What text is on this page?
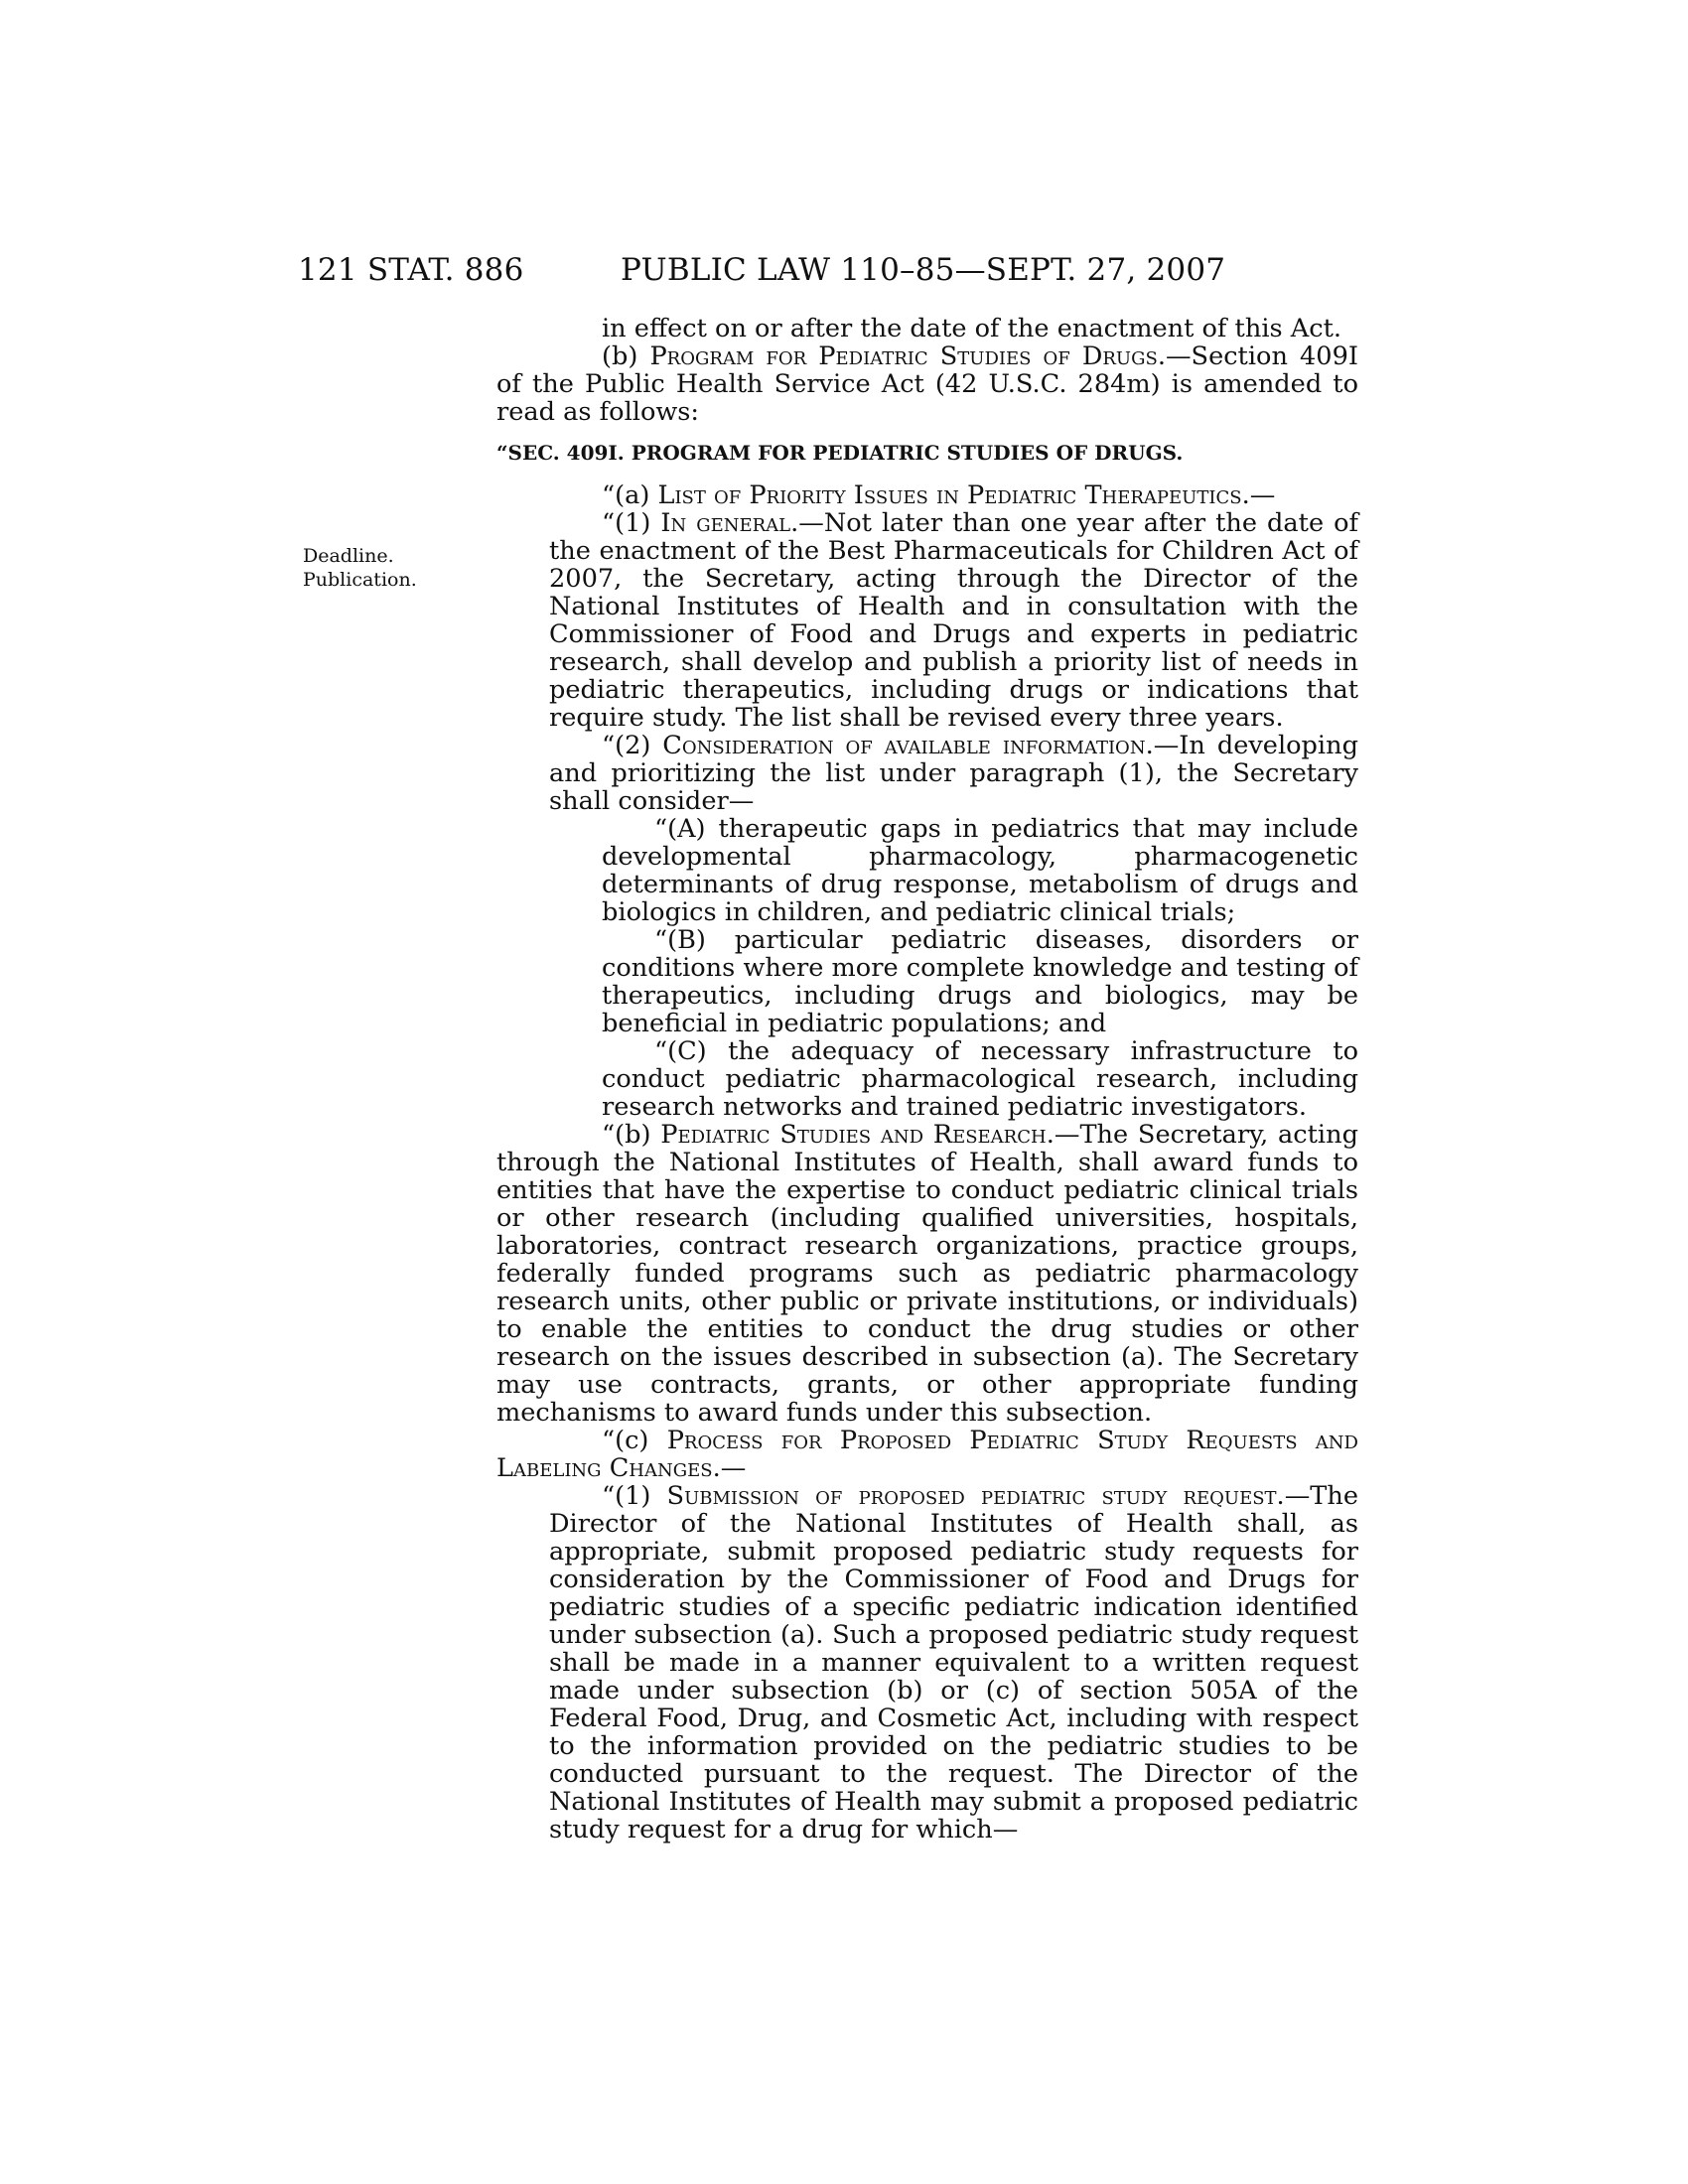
121 STAT. 886	PUBLIC LAW 110–85—SEPT. 27, 2007
Deadline.
Publication.

in effect on or after the date of the enactment of this Act.

(b) Program for Pediatric Studies of Drugs.—Section 409I of the Public Health Service Act (42 U.S.C. 284m) is amended to read as follows:

“SEC. 409I. PROGRAM FOR PEDIATRIC STUDIES OF DRUGS.

“(a) List of Priority Issues in Pediatric Therapeutics.—

“(1) In general.—Not later than one year after the date of the enactment of the Best Pharmaceuticals for Children Act of 2007, the Secretary, acting through the Director of the National Institutes of Health and in consultation with the Commissioner of Food and Drugs and experts in pediatric research, shall develop and publish a priority list of needs in pediatric therapeutics, including drugs or indications that require study. The list shall be revised every three years.

“(2) Consideration of available information.—In developing and prioritizing the list under paragraph (1), the Secretary shall consider—

“(A) therapeutic gaps in pediatrics that may include developmental pharmacology, pharmacogenetic determinants of drug response, metabolism of drugs and biologics in children, and pediatric clinical trials;

“(B) particular pediatric diseases, disorders or conditions where more complete knowledge and testing of therapeutics, including drugs and biologics, may be beneficial in pediatric populations; and

“(C) the adequacy of necessary infrastructure to conduct pediatric pharmacological research, including research networks and trained pediatric investigators.

“(b) Pediatric Studies and Research.—The Secretary, acting through the National Institutes of Health, shall award funds to entities that have the expertise to conduct pediatric clinical trials or other research (including qualified universities, hospitals, laboratories, contract research organizations, practice groups, federally funded programs such as pediatric pharmacology research units, other public or private institutions, or individuals) to enable the entities to conduct the drug studies or other research on the issues described in subsection (a). The Secretary may use contracts, grants, or other appropriate funding mechanisms to award funds under this subsection.

“(c) Process for Proposed Pediatric Study Requests and Labeling Changes.—

“(1) Submission of proposed pediatric study request.—The Director of the National Institutes of Health shall, as appropriate, submit proposed pediatric study requests for consideration by the Commissioner of Food and Drugs for pediatric studies of a specific pediatric indication identified under subsection (a). Such a proposed pediatric study request shall be made in a manner equivalent to a written request made under subsection (b) or (c) of section 505A of the Federal Food, Drug, and Cosmetic Act, including with respect to the information provided on the pediatric studies to be conducted pursuant to the request. The Director of the National Institutes of Health may submit a proposed pediatric study request for a drug for which—
